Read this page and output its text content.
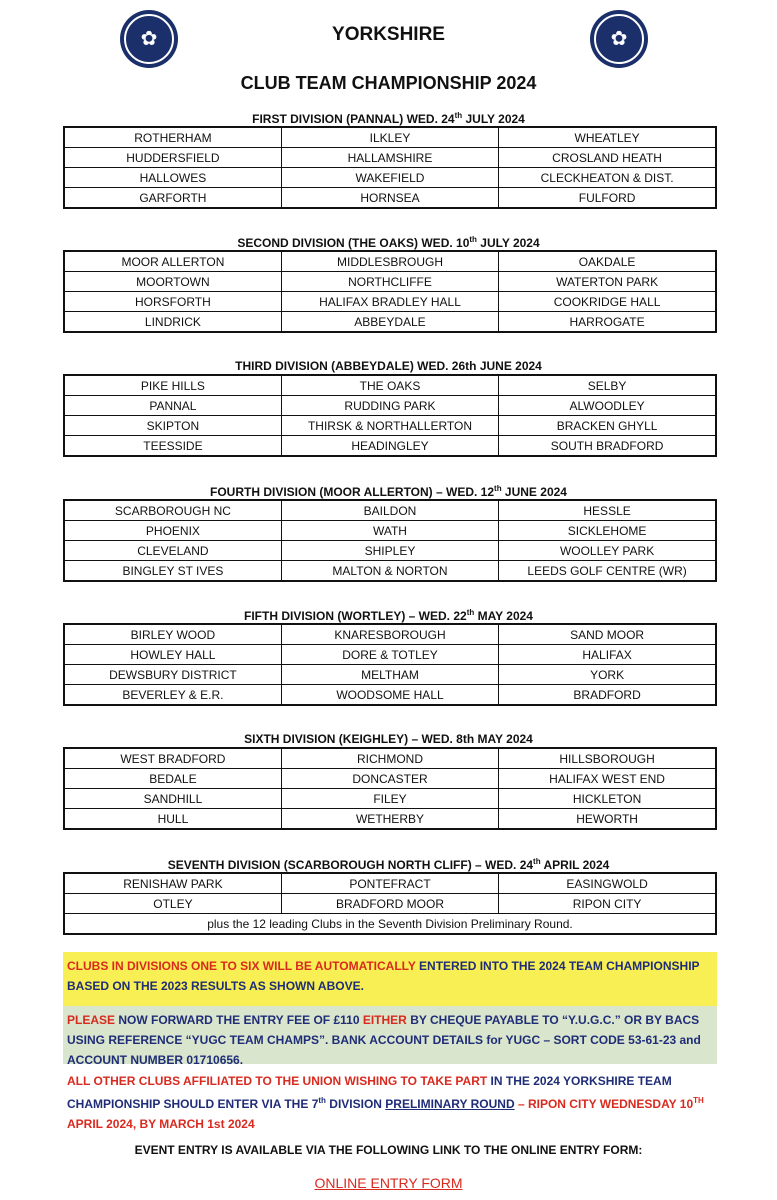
✿	✿
YORKSHIRE
CLUB TEAM CHAMPIONSHIP 2024
FIRST DIVISION (PANNAL) WED. 24th JULY 2024
ROTHERHAM	ILKLEY	WHEATLEY
HUDDERSFIELD	HALLAMSHIRE	CROSLAND HEATH
HALLOWES	WAKEFIELD	CLECKHEATON & DIST.
GARFORTH	HORNSEA	FULFORD
SECOND DIVISION (THE OAKS) WED. 10th JULY 2024
MOOR ALLERTON	MIDDLESBROUGH	OAKDALE
MOORTOWN	NORTHCLIFFE	WATERTON PARK
HORSFORTH	HALIFAX BRADLEY HALL	COOKRIDGE HALL
LINDRICK	ABBEYDALE	HARROGATE
THIRD DIVISION (ABBEYDALE) WED. 26th JUNE 2024
PIKE HILLS	THE OAKS	SELBY
PANNAL	RUDDING PARK	ALWOODLEY
SKIPTON	THIRSK & NORTHALLERTON	BRACKEN GHYLL
TEESSIDE	HEADINGLEY	SOUTH BRADFORD
FOURTH DIVISION (MOOR ALLERTON) – WED. 12th JUNE 2024
SCARBOROUGH NC	BAILDON	HESSLE
PHOENIX	WATH	SICKLEHOME
CLEVELAND	SHIPLEY	WOOLLEY PARK
BINGLEY ST IVES	MALTON & NORTON	LEEDS GOLF CENTRE (WR)
FIFTH DIVISION (WORTLEY) – WED. 22th MAY 2024
BIRLEY WOOD	KNARESBOROUGH	SAND MOOR
HOWLEY HALL	DORE & TOTLEY	HALIFAX
DEWSBURY DISTRICT	MELTHAM	YORK
BEVERLEY & E.R.	WOODSOME HALL	BRADFORD
SIXTH DIVISION (KEIGHLEY) – WED. 8th MAY 2024
WEST BRADFORD	RICHMOND	HILLSBOROUGH
BEDALE	DONCASTER	HALIFAX WEST END
SANDHILL	FILEY	HICKLETON
HULL	WETHERBY	HEWORTH
SEVENTH DIVISION (SCARBOROUGH NORTH CLIFF) – WED. 24th APRIL 2024
RENISHAW PARK	PONTEFRACT	EASINGWOLD
OTLEY	BRADFORD MOOR	RIPON CITY
plus the 12 leading Clubs in the Seventh Division Preliminary Round.		
CLUBS IN DIVISIONS ONE TO SIX WILL BE AUTOMATICALLY ENTERED INTO THE 2024 TEAM CHAMPIONSHIP BASED ON THE 2023 RESULTS AS SHOWN ABOVE.
PLEASE NOW FORWARD THE ENTRY FEE OF £110 EITHER BY CHEQUE PAYABLE TO “Y.U.G.C.” OR BY BACS USING REFERENCE “YUGC TEAM CHAMPS”. BANK ACCOUNT DETAILS for YUGC – SORT CODE 53-61-23 and ACCOUNT NUMBER 01710656.
ALL OTHER CLUBS AFFILIATED TO THE UNION WISHING TO TAKE PART IN THE 2024 YORKSHIRE TEAM CHAMPIONSHIP SHOULD ENTER VIA THE 7th DIVISION PRELIMINARY ROUND – RIPON CITY WEDNESDAY 10TH APRIL 2024, BY MARCH 1st 2024
EVENT ENTRY IS AVAILABLE VIA THE FOLLOWING LINK TO THE ONLINE ENTRY FORM:
ONLINE ENTRY FORM
